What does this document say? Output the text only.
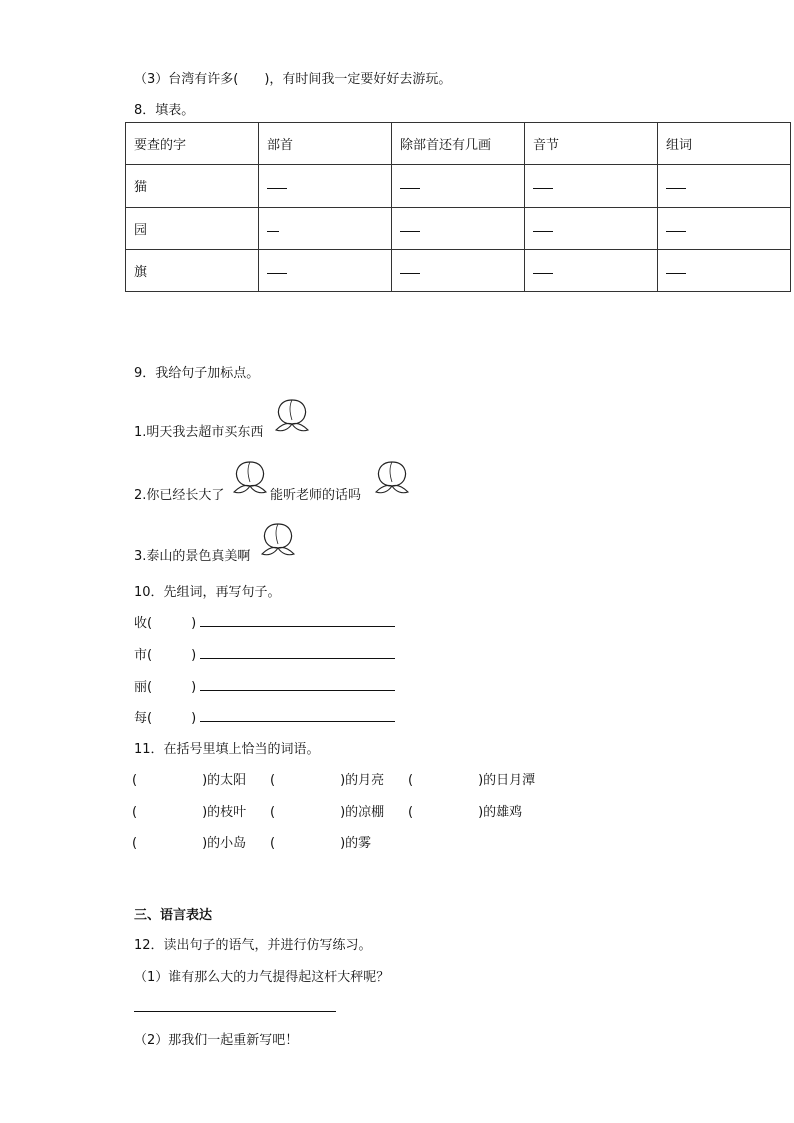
（3）台湾有许多(　　)，有时间我一定要好好去游玩。
8．填表。
要查的字	部首	除部首还有几画	音节	组词
猫				
园				
旗				
9．我给句子加标点。
1.明天我去超市买东西
2.你已经长大了	能听老师的话吗
3.泰山的景色真美啊
10．先组词，再写句子。
收(　　　)
市(　　　)
丽(　　　)
每(　　　)
11．在括号里填上恰当的词语。
(　　　　　)的太阳 (　　　　　)的月亮 (　　　　　)的日月潭
(　　　　　)的枝叶 (　　　　　)的凉棚 (　　　　　)的雄鸡
(　　　　　)的小岛 (　　　　　)的雾
三、语言表达
12．读出句子的语气，并进行仿写练习。
（1）谁有那么大的力气提得起这杆大秤呢？
（2）那我们一起重新写吧！
